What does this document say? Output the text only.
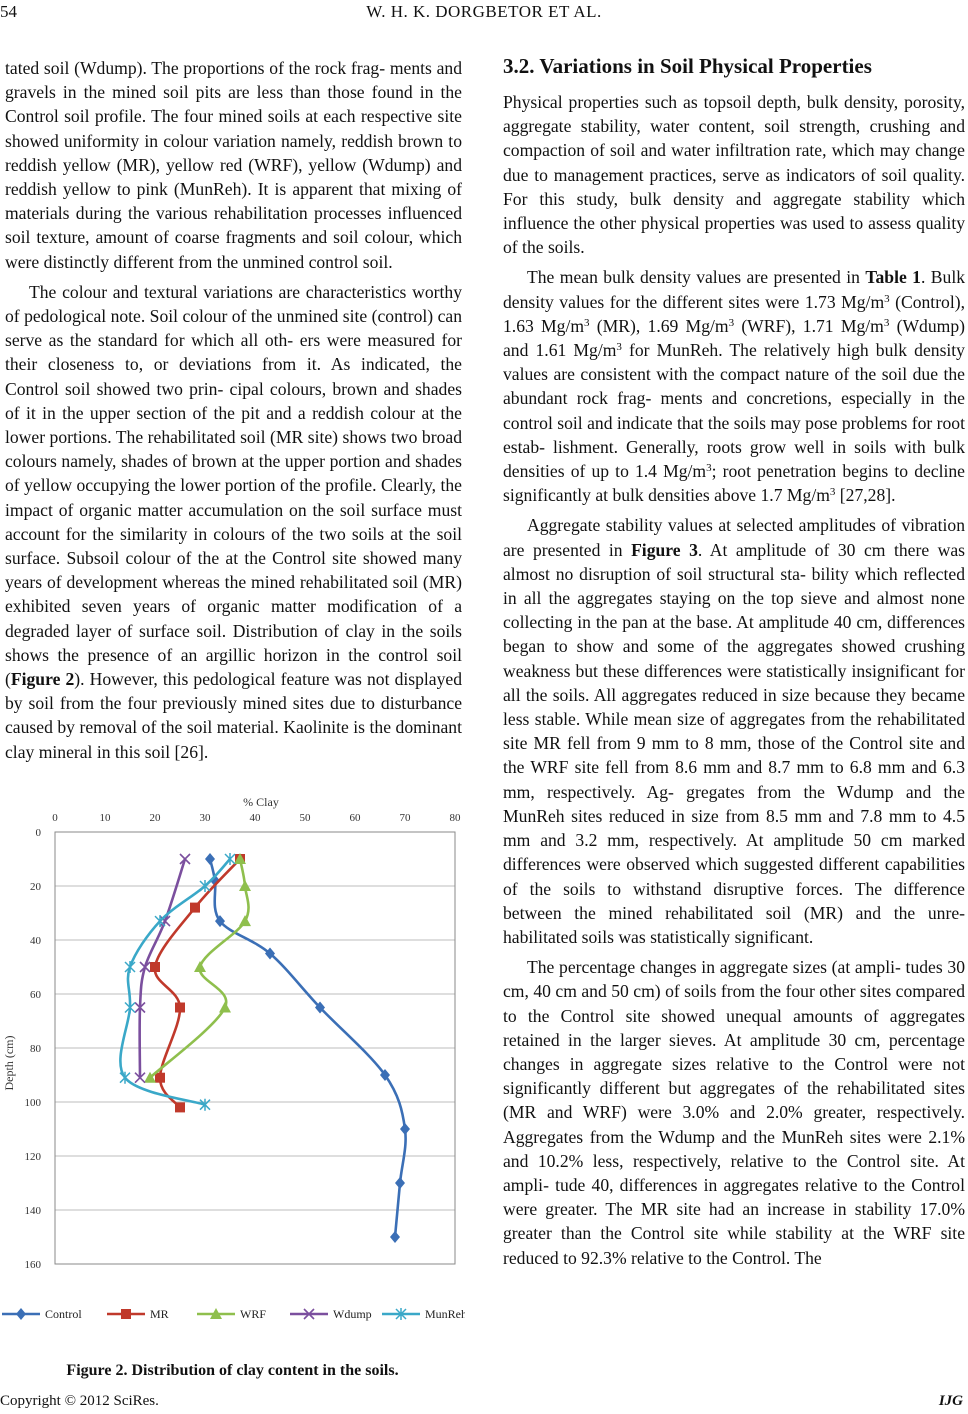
54	W. H. K. DORGBETOR ET AL.

tated soil (Wdump). The proportions of the rock frag- ments and gravels in the mined soil pits are less than those found in the Control soil profile. The four mined soils at each respective site showed uniformity in colour variation namely, reddish brown to reddish yellow (MR), yellow red (WRF), yellow (Wdump) and reddish yellow to pink (MunReh). It is apparent that mixing of materials during the various rehabilitation processes influenced soil texture, amount of coarse fragments and soil colour, which were distinctly different from the unmined control soil.

The colour and textural variations are characteristics worthy of pedological note. Soil colour of the unmined site (control) can serve as the standard for which all oth- ers were measured for their closeness to, or deviations from it. As indicated, the Control soil showed two prin- cipal colours, brown and shades of it in the upper section of the pit and a reddish colour at the lower portions. The rehabilitated soil (MR site) shows two broad colours namely, shades of brown at the upper portion and shades of yellow occupying the lower portion of the profile. Clearly, the impact of organic matter accumulation on the soil surface must account for the similarity in colours of the two soils at the soil surface. Subsoil colour of the at the Control site showed many years of development whereas the mined rehabilitated soil (MR) exhibited seven years of organic matter modification of a degraded layer of surface soil. Distribution of clay in the soils shows the presence of an argillic horizon in the control soil (Figure 2). However, this pedological feature was not displayed by soil from the four previously mined sites due to disturbance caused by removal of the soil material. Kaolinite is the dominant clay mineral in this soil [26].

3.2. Variations in Soil Physical Properties

Physical properties such as topsoil depth, bulk density, porosity, aggregate stability, water content, soil strength, crushing and compaction of soil and water infiltration rate, which may change due to management practices, serve as indicators of soil quality. For this study, bulk density and aggregate stability which influence the other physical properties was used to assess quality of the soils.

The mean bulk density values are presented in Table 1. Bulk density values for the different sites were 1.73 $Mg/m^3$ (Control), 1.63 $Mg/m^3$ (MR), 1.69 $Mg/m^3$ (WRF), 1.71 $Mg/m^3$ (Wdump) and 1.61 $Mg/m^3$ for MunReh. The relatively high bulk density values are consistent with the compact nature of the soil due the abundant rock frag- ments and concretions, especially in the control soil and indicate that the soils may pose problems for root estab- lishment. Generally, roots grow well in soils with bulk densities of up to 1.4 $Mg/m^3$; root penetration begins to decline significantly at bulk densities above 1.7 $Mg/m^3$ [27,28].

Aggregate stability values at selected amplitudes of vibration are presented in Figure 3. At amplitude of 30 cm there was almost no disruption of soil structural sta- bility which reflected in all the aggregates staying on the top sieve and almost none collecting in the pan at the base. At amplitude 40 cm, differences began to show and some of the aggregates showed crushing weakness but these differences were statistically insignificant for all the soils. All aggregates reduced in size because they became less stable. While mean size of aggregates from the rehabilitated site MR fell from 9 mm to 8 mm, those of the Control site and the WRF site fell from 8.6 mm and 8.7 mm to 6.8 mm and 6.3 mm, respectively. Ag- gregates from the Wdump and the MunReh sites reduced in size from 8.5 mm and 7.8 mm to 4.5 mm and 3.2 mm, respectively. At amplitude 50 cm marked differences were observed which suggested different capabilities of the soils to withstand disruptive forces. The difference between the mined rehabilitated soil (MR) and the unre- habilitated soils was statistically significant.

The percentage changes in aggregate sizes (at ampli- tudes 30 cm, 40 cm and 50 cm) of soils from the four other sites compared to the Control site showed unequal amounts of aggregates retained in the larger sieves. At amplitude 30 cm, percentage changes in aggregate sizes relative to the Control were not significantly different but aggregates of the rehabilitated sites (MR and WRF) were 3.0% and 2.0% greater, respectively. Aggregates from the Wdump and the MunReh sites were 2.1% and 10.2% less, respectively, relative to the Control site. At ampli- tude 40, differences in aggregates relative to the Control were greater. The MR site had an increase in stability 17.0% greater than the Control site while stability at the WRF site reduced to 92.3% relative to the Control. The

0
20
40
60
80
100
120
140
160
0	10	20	30	40	50	60	70	80
% Clay
Depth (cm)
Control	MR	WRF	Wdump	MunReh
Figure 2. Distribution of clay content in the soils.
Copyright © 2012 SciRes.	IJG
